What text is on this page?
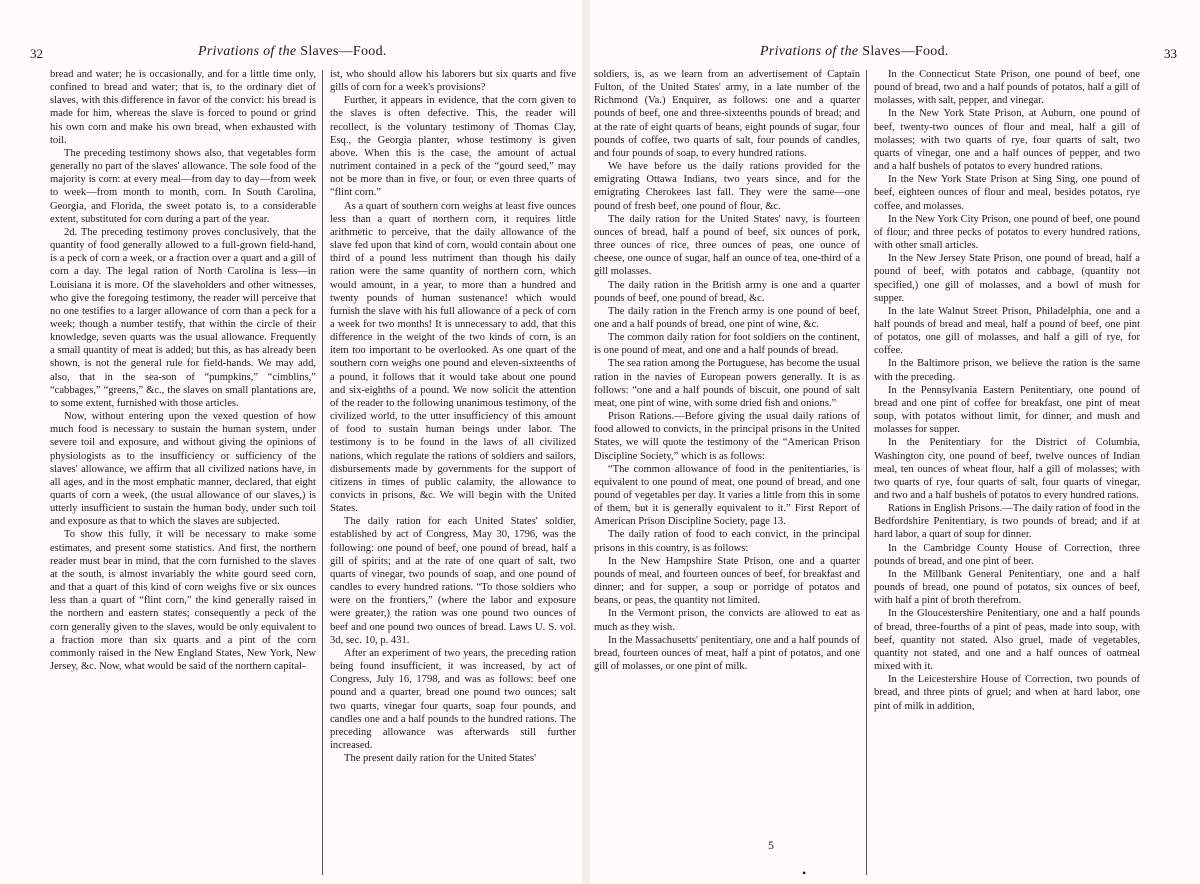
32	Privations of the Slaves—Food.

bread and water; he is occasionally, and for a little time only, confined to bread and water; that is, to the ordinary diet of slaves, with this difference in favor of the convict: his bread is made for him, whereas the slave is forced to pound or grind his own corn and make his own bread, when exhausted with toil.

The preceding testimony shows also, that vegetables form generally no part of the slaves' allowance. The sole food of the majority is corn: at every meal—from day to day—from week to week—from month to month, corn. In South Carolina, Georgia, and Florida, the sweet potato is, to a considerable extent, substituted for corn during a part of the year.

2d. The preceding testimony proves conclusively, that the quantity of food generally allowed to a full-grown field-hand, is a peck of corn a week, or a fraction over a quart and a gill of corn a day. The legal ration of North Carolina is less—in Louisiana it is more. Of the slaveholders and other witnesses, who give the foregoing testimony, the reader will perceive that no one testifies to a larger allowance of corn than a peck for a week; though a number testify, that within the circle of their knowledge, seven quarts was the usual allowance. Frequently a small quantity of meat is added; but this, as has already been shown, is not the general rule for field-hands. We may add, also, that in the sea-son of “pumpkins,” “cimblins,” “cabbages,” “greens,” &c., the slaves on small plantations are, to some extent, furnished with those articles.

Now, without entering upon the vexed question of how much food is necessary to sustain the human system, under severe toil and exposure, and without giving the opinions of physiologists as to the insufficiency or sufficiency of the slaves' allowance, we affirm that all civilized nations have, in all ages, and in the most emphatic manner, declared, that eight quarts of corn a week, (the usual allowance of our slaves,) is utterly insufficient to sustain the human body, under such toil and exposure as that to which the slaves are subjected.

To show this fully, it will be necessary to make some estimates, and present some statistics. And first, the northern reader must bear in mind, that the corn furnished to the slaves at the south, is almost invariably the white gourd seed corn, and that a quart of this kind of corn weighs five or six ounces less than a quart of “flint corn,” the kind generally raised in the northern and eastern states; consequently a peck of the corn generally given to the slaves, would be only equivalent to a fraction more than six quarts and a pint of the corn commonly raised in the New England States, New York, New Jersey, &c. Now, what would be said of the northern capital-

ist, who should allow his laborers but six quarts and five gills of corn for a week's provisions?

Further, it appears in evidence, that the corn given to the slaves is often defective. This, the reader will recollect, is the voluntary testimony of Thomas Clay, Esq., the Georgia planter, whose testimony is given above. When this is the case, the amount of actual nutriment contained in a peck of the “gourd seed,” may not be more than in five, or four, or even three quarts of “flint corn.”

As a quart of southern corn weighs at least five ounces less than a quart of northern corn, it requires little arithmetic to perceive, that the daily allowance of the slave fed upon that kind of corn, would contain about one third of a pound less nutriment than though his daily ration were the same quantity of northern corn, which would amount, in a year, to more than a hundred and twenty pounds of human sustenance! which would furnish the slave with his full allowance of a peck of corn a week for two months! It is unnecessary to add, that this difference in the weight of the two kinds of corn, is an item too important to be overlooked. As one quart of the southern corn weighs one pound and eleven-sixteenths of a pound, it follows that it would take about one pound and six-eighths of a pound. We now solicit the attention of the reader to the following unanimous testimony, of the civilized world, to the utter insufficiency of this amount of food to sustain human beings under labor. The testimony is to be found in the laws of all civilized nations, which regulate the rations of soldiers and sailors, disbursements made by governments for the support of citizens in times of public calamity, the allowance to convicts in prisons, &c. We will begin with the United States.

The daily ration for each United States' soldier, established by act of Congress, May 30, 1796, was the following: one pound of beef, one pound of bread, half a gill of spirits; and at the rate of one quart of salt, two quarts of vinegar, two pounds of soap, and one pound of candles to every hundred rations. “To those soldiers who were on the frontiers,” (where the labor and exposure were greater,) the ration was one pound two ounces of beef and one pound two ounces of bread. Laws U. S. vol. 3d, sec. 10, p. 431.

After an experiment of two years, the preceding ration being found insufficient, it was increased, by act of Congress, July 16, 1798, and was as follows: beef one pound and a quarter, bread one pound two ounces; salt two quarts, vinegar four quarts, soap four pounds, and candles one and a half pounds to the hundred rations. The preceding allowance was afterwards still further increased.

The present daily ration for the United States'

Privations of the Slaves—Food.	33

soldiers, is, as we learn from an advertisement of Captain Fulton, of the United States' army, in a late number of the Richmond (Va.) Enquirer, as follows: one and a quarter pounds of beef, one and three-sixteenths pounds of bread; and at the rate of eight quarts of beans, eight pounds of sugar, four pounds of coffee, two quarts of salt, four pounds of candles, and four pounds of soap, to every hundred rations.

We have before us the daily rations provided for the emigrating Ottawa Indians, two years since, and for the emigrating Cherokees last fall. They were the same—one pound of fresh beef, one pound of flour, &c.

The daily ration for the United States' navy, is fourteen ounces of bread, half a pound of beef, six ounces of pork, three ounces of rice, three ounces of peas, one ounce of cheese, one ounce of sugar, half an ounce of tea, one-third of a gill molasses.

The daily ration in the British army is one and a quarter pounds of beef, one pound of bread, &c.

The daily ration in the French army is one pound of beef, one and a half pounds of bread, one pint of wine, &c.

The common daily ration for foot soldiers on the continent, is one pound of meat, and one and a half pounds of bread.

The sea ration among the Portuguese, has become the usual ration in the navies of European powers generally. It is as follows: “one and a half pounds of biscuit, one pound of salt meat, one pint of wine, with some dried fish and onions.”

Prison Rations.—Before giving the usual daily rations of food allowed to convicts, in the principal prisons in the United States, we will quote the testimony of the “American Prison Discipline Society,” which is as follows:

“The common allowance of food in the penitentiaries, is equivalent to one pound of meat, one pound of bread, and one pound of vegetables per day. It varies a little from this in some of them, but it is generally equivalent to it.” First Report of American Prison Discipline Society, page 13.

The daily ration of food to each convict, in the principal prisons in this country, is as follows:

In the New Hampshire State Prison, one and a quarter pounds of meal, and fourteen ounces of beef, for breakfast and dinner; and for supper, a soup or porridge of potatos and beans, or peas, the quantity not limited.

In the Vermont prison, the convicts are allowed to eat as much as they wish.

In the Massachusetts' penitentiary, one and a half pounds of bread, fourteen ounces of meat, half a pint of potatos, and one gill of molasses, or one pint of milk.

In the Connecticut State Prison, one pound of beef, one pound of bread, two and a half pounds of potatos, half a gill of molasses, with salt, pepper, and vinegar.

In the New York State Prison, at Auburn, one pound of beef, twenty-two ounces of flour and meal, half a gill of molasses; with two quarts of rye, four quarts of salt, two quarts of vinegar, one and a half ounces of pepper, and two and a half bushels of potatos to every hundred rations.

In the New York State Prison at Sing Sing, one pound of beef, eighteen ounces of flour and meal, besides potatos, rye coffee, and molasses.

In the New York City Prison, one pound of beef, one pound of flour; and three pecks of potatos to every hundred rations, with other small articles.

In the New Jersey State Prison, one pound of bread, half a pound of beef, with potatos and cabbage, (quantity not specified,) one gill of molasses, and a bowl of mush for supper.

In the late Walnut Street Prison, Philadelphia, one and a half pounds of bread and meal, half a pound of beef, one pint of potatos, one gill of molasses, and half a gill of rye, for coffee.

In the Baltimore prison, we believe the ration is the same with the preceding.

In the Pennsylvania Eastern Penitentiary, one pound of bread and one pint of coffee for breakfast, one pint of meat soup, with potatos without limit, for dinner, and mush and molasses for supper.

In the Penitentiary for the District of Columbia, Washington city, one pound of beef, twelve ounces of Indian meal, ten ounces of wheat flour, half a gill of molasses; with two quarts of rye, four quarts of salt, four quarts of vinegar, and two and a half bushels of potatos to every hundred rations.

Rations in English Prisons.—The daily ration of food in the Bedfordshire Penitentiary, is two pounds of bread; and if at hard labor, a quart of soup for dinner.

In the Cambridge County House of Correction, three pounds of bread, and one pint of beer.

In the Millbank General Penitentiary, one and a half pounds of bread, one pound of potatos, six ounces of beef, with half a pint of broth therefrom.

In the Gloucestershire Penitentiary, one and a half pounds of bread, three-fourths of a pint of peas, made into soup, with beef, quantity not stated. Also gruel, made of vegetables, quantity not stated, and one and a half ounces of oatmeal mixed with it.

In the Leicestershire House of Correction, two pounds of bread, and three pints of gruel; and when at hard labor, one pint of milk in addition,

5
•
